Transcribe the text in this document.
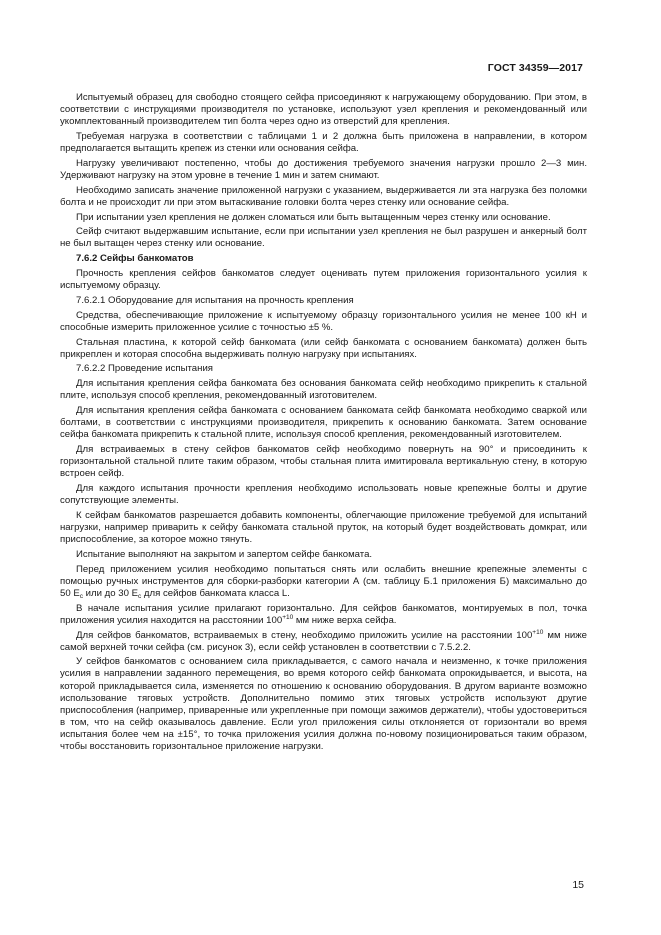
ГОСТ 34359—2017

Испытуемый образец для свободно стоящего сейфа присоединяют к нагружающему оборудованию. При этом, в соответствии с инструкциями производителя по установке, используют узел крепления и рекомендованный или укомплектованный производителем тип болта через одно из отверстий для крепления.

Требуемая нагрузка в соответствии с таблицами 1 и 2 должна быть приложена в направлении, в котором предполагается вытащить крепеж из стенки или основания сейфа.

Нагрузку увеличивают постепенно, чтобы до достижения требуемого значения нагрузки прошло 2—3 мин. Удерживают нагрузку на этом уровне в течение 1 мин и затем снимают.

Необходимо записать значение приложенной нагрузки с указанием, выдерживается ли эта нагрузка без поломки болта и не происходит ли при этом вытаскивание головки болта через стенку или основание сейфа.

При испытании узел крепления не должен сломаться или быть вытащенным через стенку или основание.

Сейф считают выдержавшим испытание, если при испытании узел крепления не был разрушен и анкерный болт не был вытащен через стенку или основание.

7.6.2 Сейфы банкоматов

Прочность крепления сейфов банкоматов следует оценивать путем приложения горизонтального усилия к испытуемому образцу.

7.6.2.1 Оборудование для испытания на прочность крепления

Средства, обеспечивающие приложение к испытуемому образцу горизонтального усилия не менее 100 кН и способные измерить приложенное усилие с точностью ±5 %.

Стальная пластина, к которой сейф банкомата (или сейф банкомата с основанием банкомата) должен быть прикреплен и которая способна выдерживать полную нагрузку при испытаниях.

7.6.2.2 Проведение испытания

Для испытания крепления сейфа банкомата без основания банкомата сейф необходимо прикрепить к стальной плите, используя способ крепления, рекомендованный изготовителем.

Для испытания крепления сейфа банкомата с основанием банкомата сейф банкомата необходимо сваркой или болтами, в соответствии с инструкциями производителя, прикрепить к основанию банкомата. Затем основание сейфа банкомата прикрепить к стальной плите, используя способ крепления, рекомендованный изготовителем.

Для встраиваемых в стену сейфов банкоматов сейф необходимо повернуть на 90° и присоединить к горизонтальной стальной плите таким образом, чтобы стальная плита имитировала вертикальную стену, в которую встроен сейф.

Для каждого испытания прочности крепления необходимо использовать новые крепежные болты и другие сопутствующие элементы.

К сейфам банкоматов разрешается добавить компоненты, облегчающие приложение требуемой для испытаний нагрузки, например приварить к сейфу банкомата стальной пруток, на который будет воздействовать домкрат, или приспособление, за которое можно тянуть.

Испытание выполняют на закрытом и запертом сейфе банкомата.

Перед приложением усилия необходимо попытаться снять или ослабить внешние крепежные элементы с помощью ручных инструментов для сборки-разборки категории А (см. таблицу Б.1 приложения Б) максимально до 50 $Е_с$ или до 30 $Е_с$ для сейфов банкомата класса L.

В начале испытания усилие прилагают горизонтально. Для сейфов банкоматов, монтируемых в пол, точка приложения усилия находится на расстоянии $100^{+10}$ мм ниже верха сейфа.

Для сейфов банкоматов, встраиваемых в стену, необходимо приложить усилие на расстоянии $100^{+10}$ мм ниже самой верхней точки сейфа (см. рисунок 3), если сейф установлен в соответствии с 7.5.2.2.

У сейфов банкоматов с основанием сила прикладывается, с самого начала и неизменно, к точке приложения усилия в направлении заданного перемещения, во время которого сейф банкомата опрокидывается, и высота, на которой прикладывается сила, изменяется по отношению к основанию оборудования. В другом варианте возможно использование тяговых устройств. Дополнительно помимо этих тяговых устройств используют другие приспособления (например, приваренные или укрепленные при помощи зажимов держатели), чтобы удостовериться в том, что на сейф оказывалось давление. Если угол приложения силы отклоняется от горизонтали во время испытания более чем на ±15°, то точка приложения усилия должна по-новому позиционироваться таким образом, чтобы восстановить горизонтальное приложение нагрузки.

15
